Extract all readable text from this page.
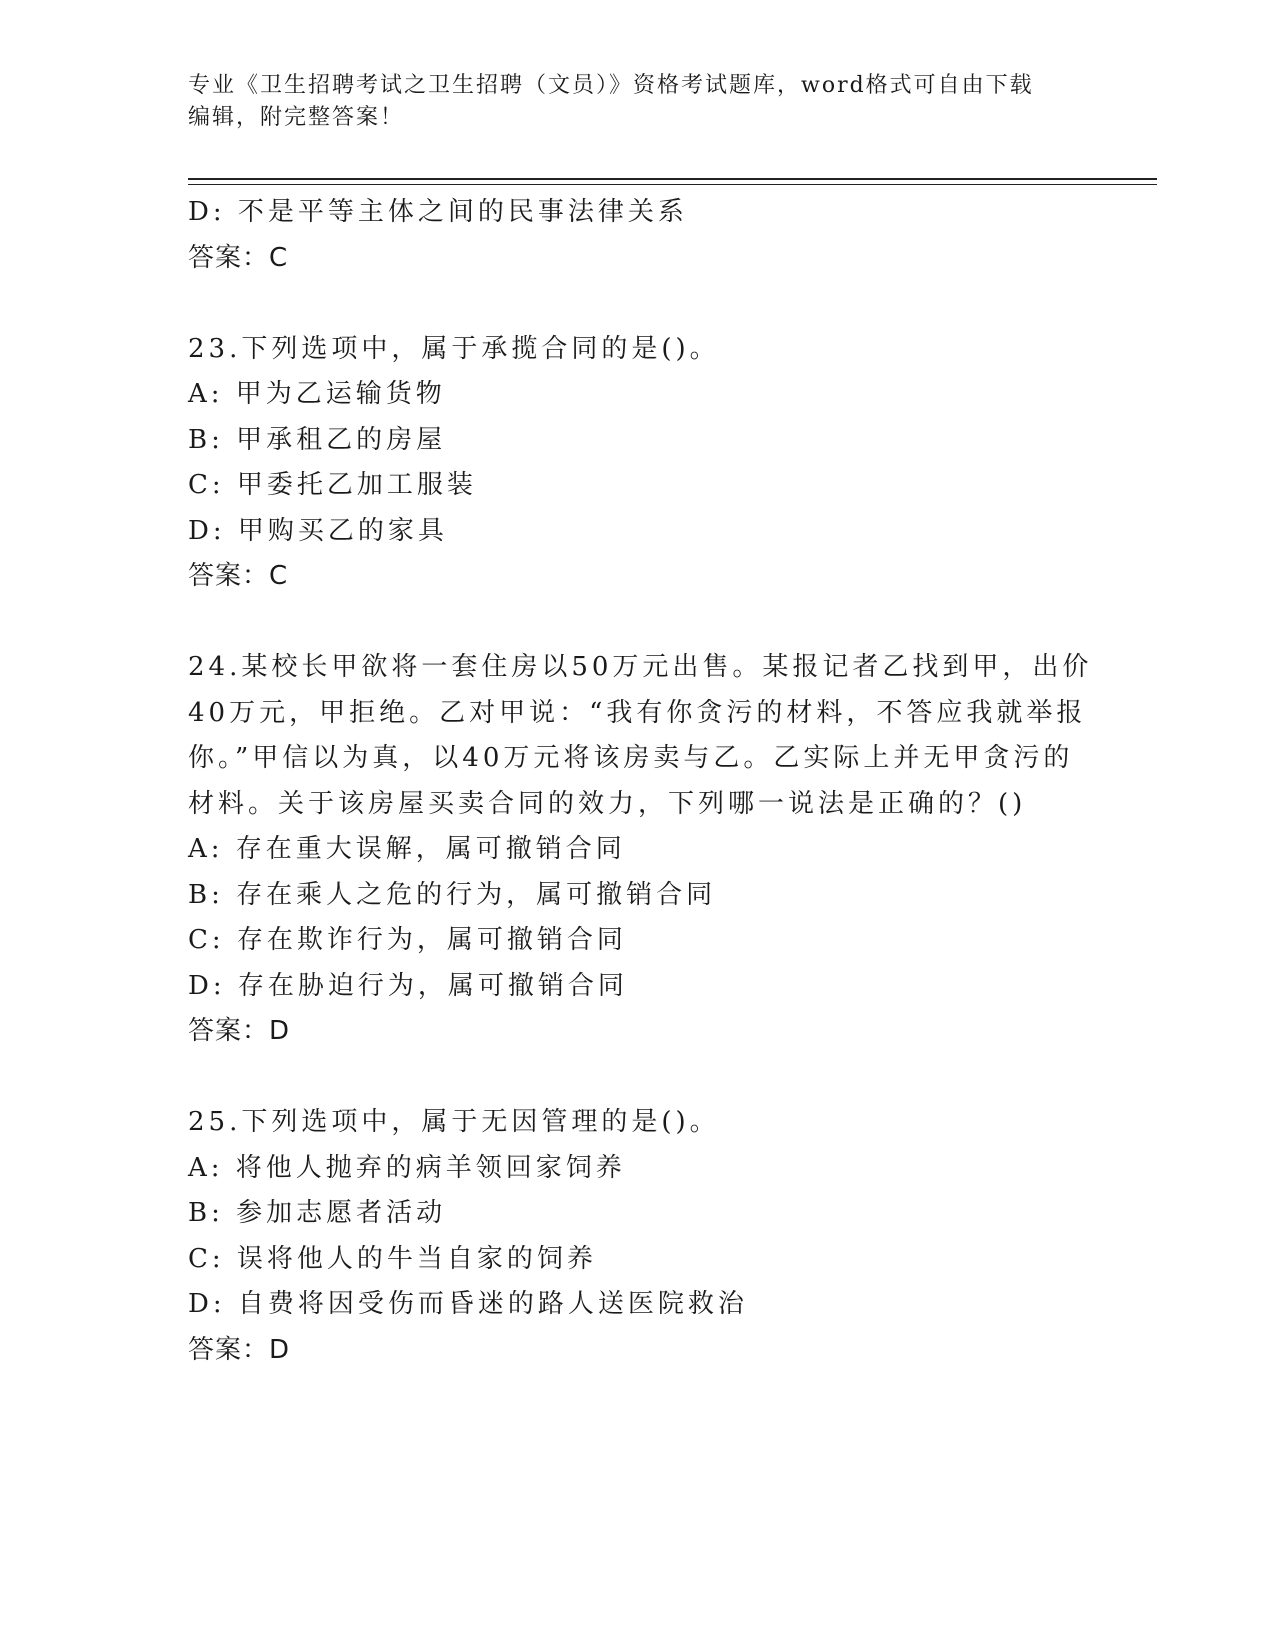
专业《卫生招聘考试之卫生招聘（文员）》资格考试题库，word格式可自由下载
编辑，附完整答案！
D: 不是平等主体之间的民事法律关系
答案：C
23.下列选项中，属于承揽合同的是()。
A: 甲为乙运输货物
B: 甲承租乙的房屋
C: 甲委托乙加工服装
D: 甲购买乙的家具
答案：C
24.某校长甲欲将一套住房以50万元出售。某报记者乙找到甲，出价
40万元，甲拒绝。乙对甲说：“我有你贪污的材料，不答应我就举报
你。”甲信以为真，以40万元将该房卖与乙。乙实际上并无甲贪污的
材料。关于该房屋买卖合同的效力，下列哪一说法是正确的？()
A: 存在重大误解，属可撤销合同
B: 存在乘人之危的行为，属可撤销合同
C: 存在欺诈行为，属可撤销合同
D: 存在胁迫行为，属可撤销合同
答案：D
25.下列选项中，属于无因管理的是()。
A: 将他人抛弃的病羊领回家饲养
B: 参加志愿者活动
C: 误将他人的牛当自家的饲养
D: 自费将因受伤而昏迷的路人送医院救治
答案：D
